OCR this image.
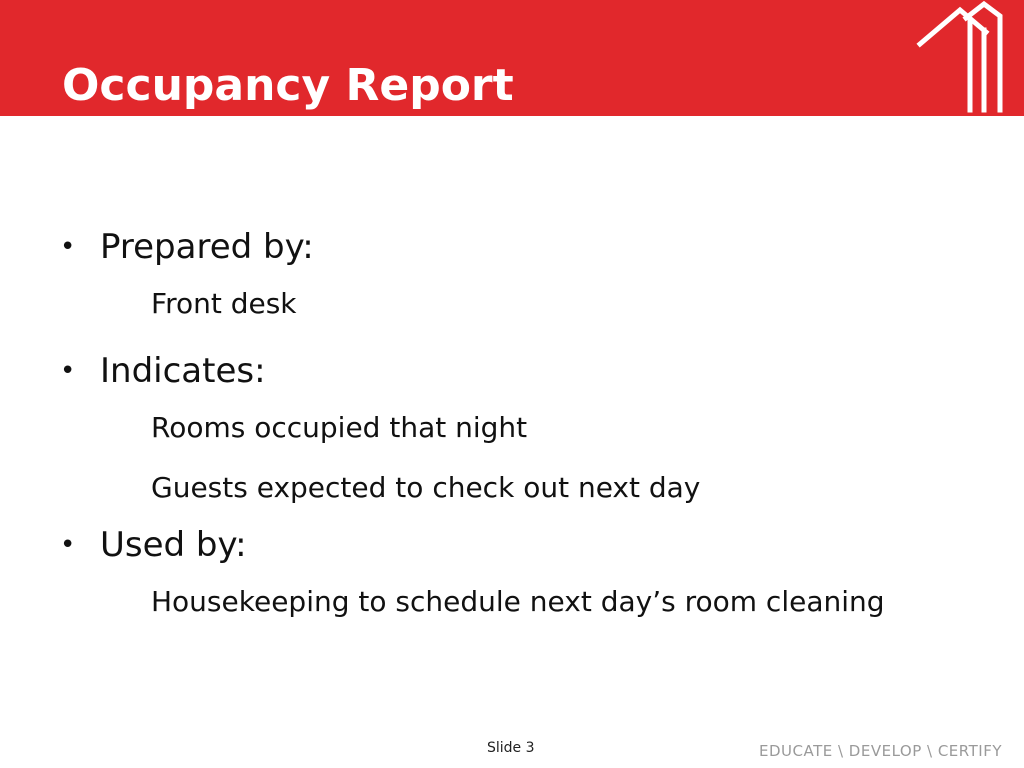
Occupancy Report
• Prepared by:
Front desk
• Indicates:
Rooms occupied that night
Guests expected to check out next day
• Used by:
Housekeeping to schedule next day’s room cleaning
Slide 3	EDUCATE \ DEVELOP \ CERTIFY
